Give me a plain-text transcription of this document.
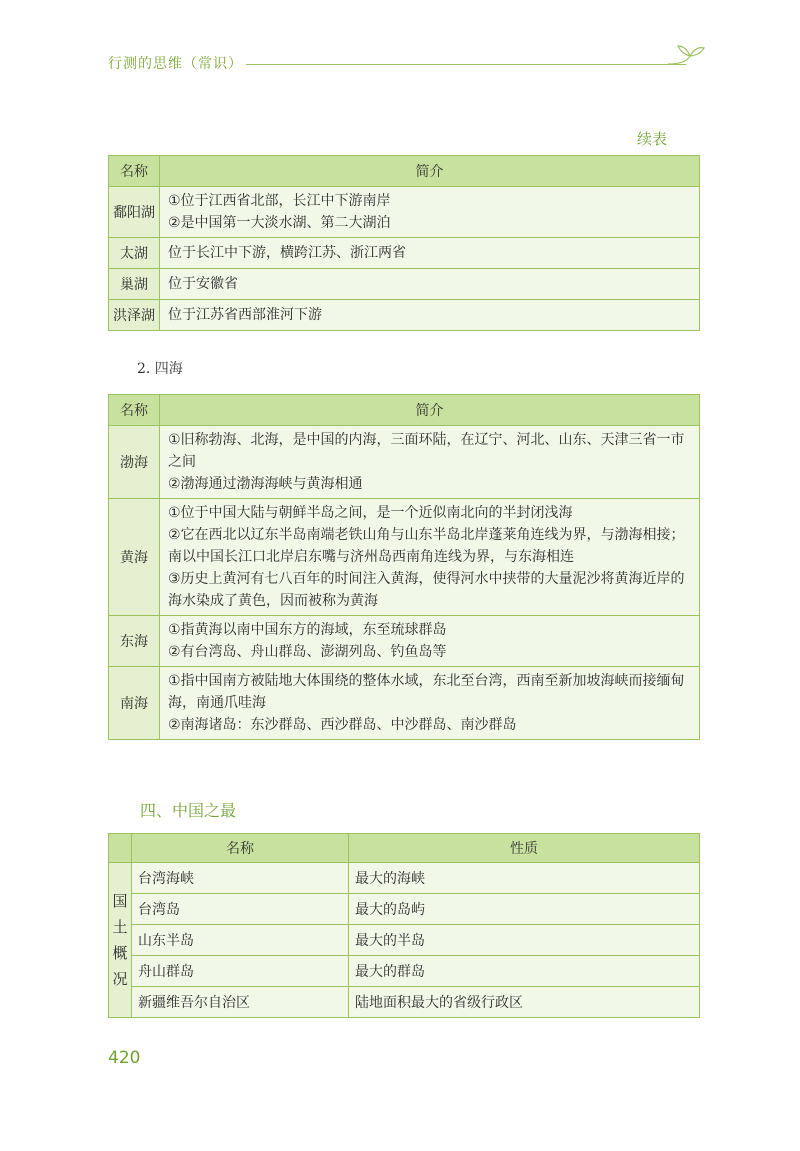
行测的思维（常识）
续表
名称	简介
鄱阳湖	①位于江西省北部，长江中下游南岸
②是中国第一大淡水湖、第二大湖泊

太湖	位于长江中下游，横跨江苏、浙江两省

巢湖	位于安徽省

洪泽湖	位于江苏省西部淮河下游
2. 四海
名称	简介
渤海	①旧称勃海、北海，是中国的内海，三面环陆，在辽宁、河北、山东、天津三省一市之间
②渤海通过渤海海峡与黄海相通

黄海	①位于中国大陆与朝鲜半岛之间，是一个近似南北向的半封闭浅海
②它在西北以辽东半岛南端老铁山角与山东半岛北岸蓬莱角连线为界，与渤海相接；南以中国长江口北岸启东嘴与济州岛西南角连线为界，与东海相连
③历史上黄河有七八百年的时间注入黄海，使得河水中挟带的大量泥沙将黄海近岸的海水染成了黄色，因而被称为黄海

东海	①指黄海以南中国东方的海域，东至琉球群岛
②有台湾岛、舟山群岛、澎湖列岛、钓鱼岛等

南海	①指中国南方被陆地大体围绕的整体水域，东北至台湾，西南至新加坡海峡而接缅甸海，南通爪哇海
②南海诸岛：东沙群岛、西沙群岛、中沙群岛、南沙群岛
四、中国之最
	名称	性质
国土概况	台湾海峡	最大的海峡
	台湾岛	最大的岛屿
	山东半岛	最大的半岛
	舟山群岛	最大的群岛
	新疆维吾尔自治区	陆地面积最大的省级行政区
420
